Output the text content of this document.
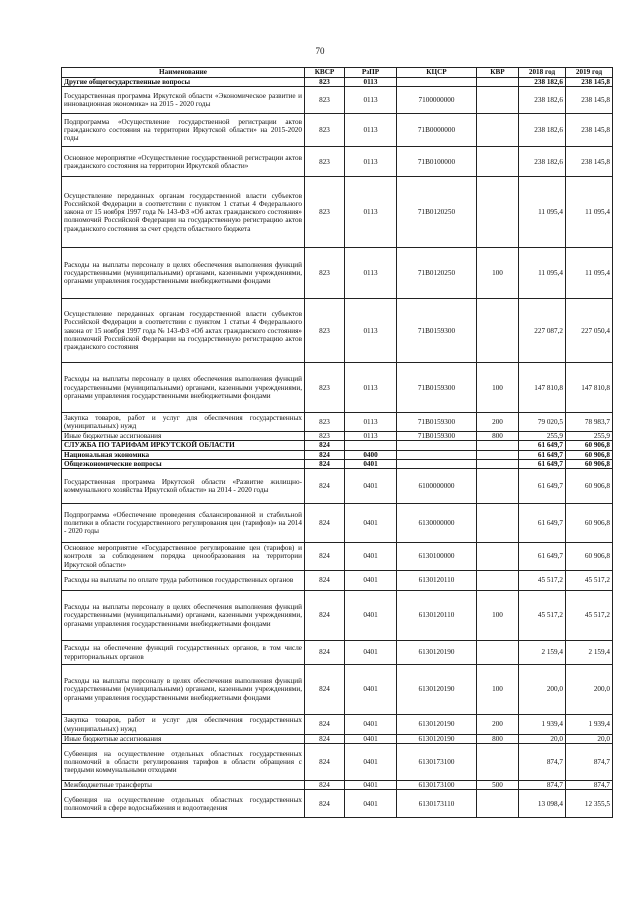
70
Наименование	КВСР	РзПР	КЦСР	КВР	2018 год	2019 год
Другие общегосударственные вопросы	823	0113			238 182,6	238 145,8
Государственная программа Иркутской области «Экономическое развитие и инновационная экономика» на 2015 - 2020 годы	823	0113	7100000000		238 182,6	238 145,8
Подпрограмма «Осуществление государственной регистрации актов гражданского состояния на территории Иркутской области» на 2015-2020 годы	823	0113	71В0000000		238 182,6	238 145,8
Основное мероприятие «Осуществление государственной регистрации актов гражданского состояния на территории Иркутской области»	823	0113	71В0100000		238 182,6	238 145,8
Осуществление переданных органам государственной власти субъектов Российской Федерации в соответствии с пунктом 1 статьи 4 Федерального закона от 15 ноября 1997 года № 143-ФЗ «Об актах гражданского состояния» полномочий Российской Федерации на государственную регистрацию актов гражданского состояния за счет средств областного бюджета	823	0113	71В0120250		11 095,4	11 095,4
Расходы на выплаты персоналу в целях обеспечения выполнения функций государственными (муниципальными) органами, казенными учреждениями, органами управления государственными внебюджетными фондами	823	0113	71В0120250	100	11 095,4	11 095,4
Осуществление переданных органам государственной власти субъектов Российской Федерации в соответствии с пунктом 1 статьи 4 Федерального закона от 15 ноября 1997 года № 143-ФЗ «Об актах гражданского состояния» полномочий Российской Федерации на государственную регистрацию актов гражданского состояния	823	0113	71В0159300		227 087,2	227 050,4
Расходы на выплаты персоналу в целях обеспечения выполнения функций государственными (муниципальными) органами, казенными учреждениями, органами управления государственными внебюджетными фондами	823	0113	71В0159300	100	147 810,8	147 810,8
Закупка товаров, работ и услуг для обеспечения государственных (муниципальных) нужд	823	0113	71В0159300	200	79 020,5	78 983,7
Иные бюджетные ассигнования	823	0113	71В0159300	800	255,9	255,9
СЛУЖБА ПО ТАРИФАМ ИРКУТСКОЙ ОБЛАСТИ	824				61 649,7	60 906,8
Национальная экономика	824	0400			61 649,7	60 906,8
Общеэкономические вопросы	824	0401			61 649,7	60 906,8
Государственная программа Иркутской области «Развитие жилищно-коммунального хозяйства Иркутской области» на 2014 - 2020 годы	824	0401	6100000000		61 649,7	60 906,8
Подпрограмма «Обеспечение проведения сбалансированной и стабильной политики в области государственного регулирования цен (тарифов)» на 2014 - 2020 годы	824	0401	6130000000		61 649,7	60 906,8
Основное мероприятие «Государственное регулирование цен (тарифов) и контроля за соблюдением порядка ценообразования на территории Иркутской области»	824	0401	6130100000		61 649,7	60 906,8
Расходы на выплаты по оплате труда работников государственных органов	824	0401	6130120110		45 517,2	45 517,2
Расходы на выплаты персоналу в целях обеспечения выполнения функций государственными (муниципальными) органами, казенными учреждениями, органами управления государственными внебюджетными фондами	824	0401	6130120110	100	45 517,2	45 517,2
Расходы на обеспечение функций государственных органов, в том числе территориальных органов	824	0401	6130120190		2 159,4	2 159,4
Расходы на выплаты персоналу в целях обеспечения выполнения функций государственными (муниципальными) органами, казенными учреждениями, органами управления государственными внебюджетными фондами	824	0401	6130120190	100	200,0	200,0
Закупка товаров, работ и услуг для обеспечения государственных (муниципальных) нужд	824	0401	6130120190	200	1 939,4	1 939,4
Иные бюджетные ассигнования	824	0401	6130120190	800	20,0	20,0
Субвенция на осуществление отдельных областных государственных полномочий в области регулирования тарифов в области обращения с твердыми коммунальными отходами	824	0401	6130173100		874,7	874,7
Межбюджетные трансферты	824	0401	6130173100	500	874,7	874,7
Субвенция на осуществление отдельных областных государственных полномочий в сфере водоснабжения и водоотведения	824	0401	6130173110		13 098,4	12 355,5
